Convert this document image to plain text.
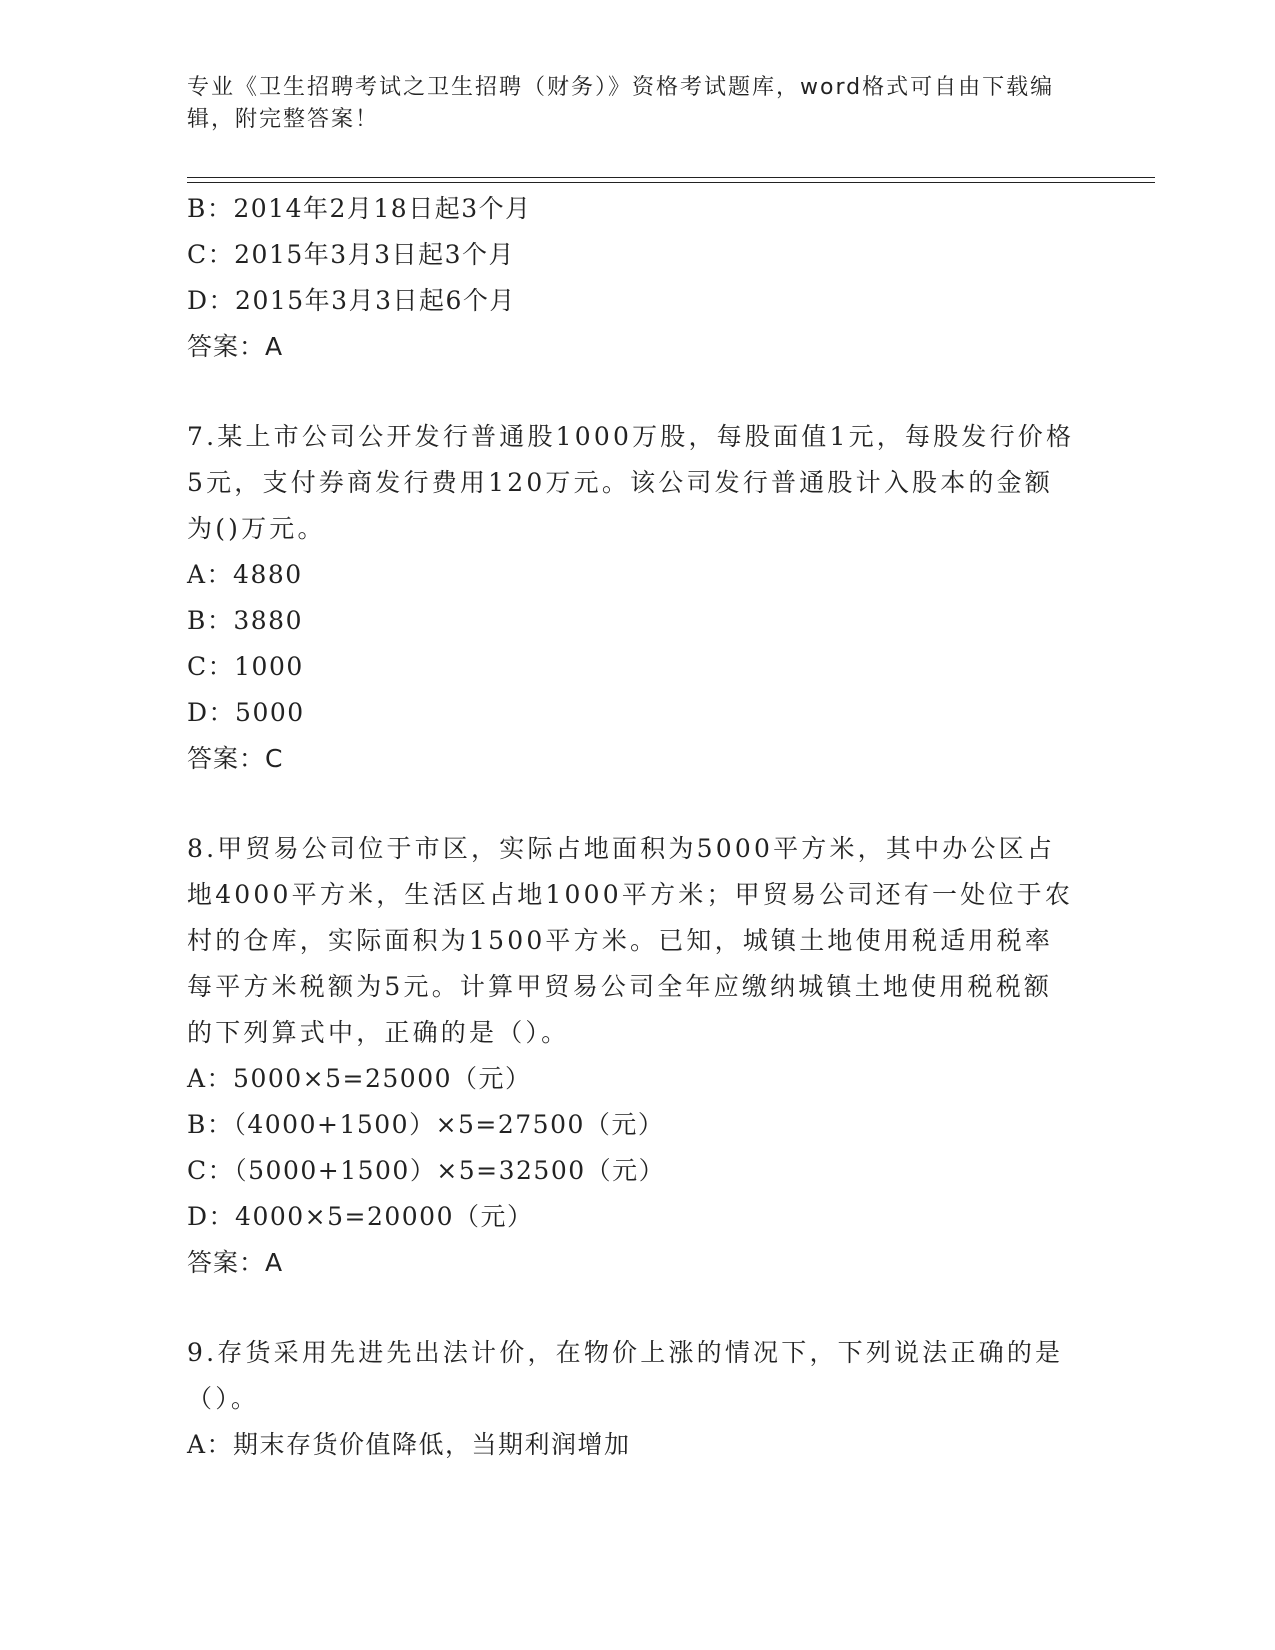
专业《卫生招聘考试之卫生招聘（财务）》资格考试题库，word格式可自由下载编辑，附完整答案！
B：2014年2月18日起3个月
C：2015年3月3日起3个月
D：2015年3月3日起6个月
答案：A
7.某上市公司公开发行普通股1000万股，每股面值1元，每股发行价格5元，支付券商发行费用120万元。该公司发行普通股计入股本的金额为()万元。
A：4880
B：3880
C：1000
D：5000
答案：C
8.甲贸易公司位于市区，实际占地面积为5000平方米，其中办公区占地4000平方米，生活区占地1000平方米；甲贸易公司还有一处位于农村的仓库，实际面积为1500平方米。已知，城镇土地使用税适用税率每平方米税额为5元。计算甲贸易公司全年应缴纳城镇土地使用税税额的下列算式中，正确的是（）。
A：5000×5=25000（元）
B：（4000+1500）×5=27500（元）
C：（5000+1500）×5=32500（元）
D：4000×5=20000（元）
答案：A
9.存货采用先进先出法计价，在物价上涨的情况下，下列说法正确的是（）。
A：期末存货价值降低，当期利润增加
